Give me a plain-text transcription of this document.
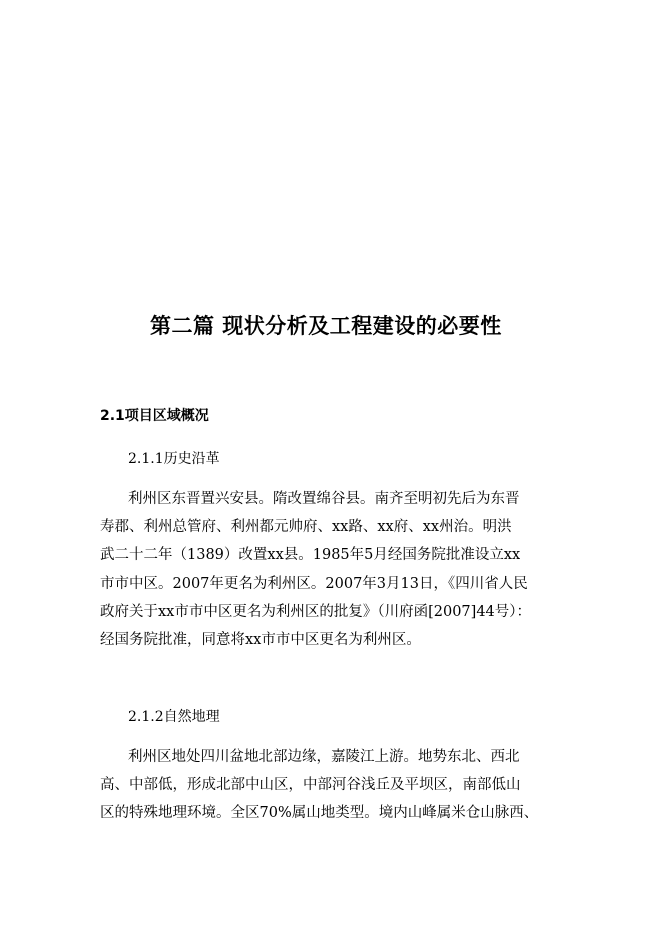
第二篇 现状分析及工程建设的必要性
2.1项目区域概况
2.1.1历史沿革
利州区东晋置兴安县。隋改置绵谷县。南齐至明初先后为东晋
寿郡、利州总管府、利州都元帅府、xx路、xx府、xx州治。明洪
武二十二年（1389）改置xx县。1985年5月经国务院批准设立xx
市市中区。2007年更名为利州区。2007年3月13日，《四川省人民
政府关于xx市市中区更名为利州区的批复》（川府函[2007]44号）：
经国务院批准，同意将xx市市中区更名为利州区。
2.1.2自然地理
利州区地处四川盆地北部边缘，嘉陵江上游。地势东北、西北
高、中部低，形成北部中山区，中部河谷浅丘及平坝区，南部低山
区的特殊地理环境。全区70%属山地类型。境内山峰属米仓山脉西、
